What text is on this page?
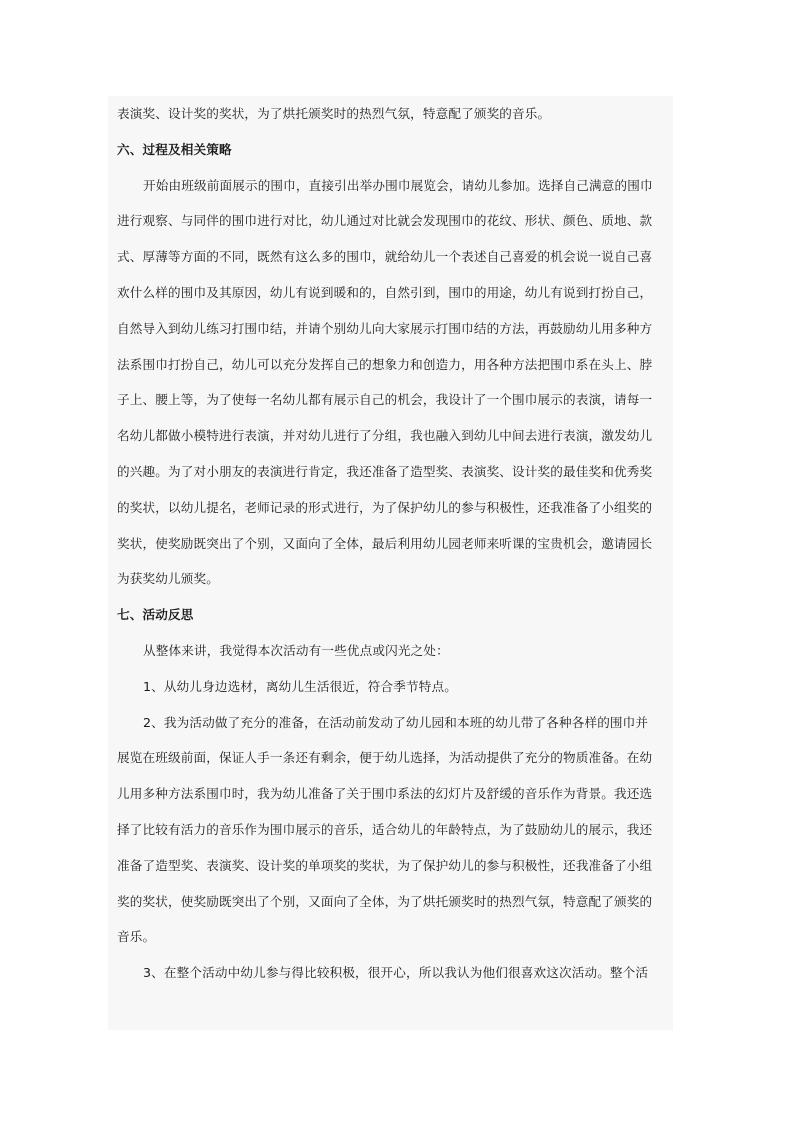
表演奖、设计奖的奖状，为了烘托颁奖时的热烈气氛，特意配了颁奖的音乐。
六、过程及相关策略
开始由班级前面展示的围巾，直接引出举办围巾展览会，请幼儿参加。选择自己满意的围巾
进行观察、与同伴的围巾进行对比，幼儿通过对比就会发现围巾的花纹、形状、颜色、质地、款
式、厚薄等方面的不同，既然有这么多的围巾，就给幼儿一个表述自己喜爱的机会说一说自己喜
欢什么样的围巾及其原因，幼儿有说到暖和的，自然引到，围巾的用途，幼儿有说到打扮自己，
自然导入到幼儿练习打围巾结，并请个别幼儿向大家展示打围巾结的方法，再鼓励幼儿用多种方
法系围巾打扮自己，幼儿可以充分发挥自己的想象力和创造力，用各种方法把围巾系在头上、脖
子上、腰上等，为了使每一名幼儿都有展示自己的机会，我设计了一个围巾展示的表演，请每一
名幼儿都做小模特进行表演，并对幼儿进行了分组，我也融入到幼儿中间去进行表演，激发幼儿
的兴趣。为了对小朋友的表演进行肯定，我还准备了造型奖、表演奖、设计奖的最佳奖和优秀奖
的奖状，以幼儿提名，老师记录的形式进行，为了保护幼儿的参与积极性，还我准备了小组奖的
奖状，使奖励既突出了个别，又面向了全体，最后利用幼儿园老师来听课的宝贵机会，邀请园长
为获奖幼儿颁奖。
七、活动反思
从整体来讲，我觉得本次活动有一些优点或闪光之处：
1、从幼儿身边选材，离幼儿生活很近，符合季节特点。
2、我为活动做了充分的准备，在活动前发动了幼儿园和本班的幼儿带了各种各样的围巾并
展览在班级前面，保证人手一条还有剩余，便于幼儿选择，为活动提供了充分的物质准备。在幼
儿用多种方法系围巾时，我为幼儿准备了关于围巾系法的幻灯片及舒缓的音乐作为背景。我还选
择了比较有活力的音乐作为围巾展示的音乐，适合幼儿的年龄特点，为了鼓励幼儿的展示，我还
准备了造型奖、表演奖、设计奖的单项奖的奖状，为了保护幼儿的参与积极性，还我准备了小组
奖的奖状，使奖励既突出了个别，又面向了全体，为了烘托颁奖时的热烈气氛，特意配了颁奖的
音乐。
3、在整个活动中幼儿参与得比较积极，很开心，所以我认为他们很喜欢这次活动。整个活
